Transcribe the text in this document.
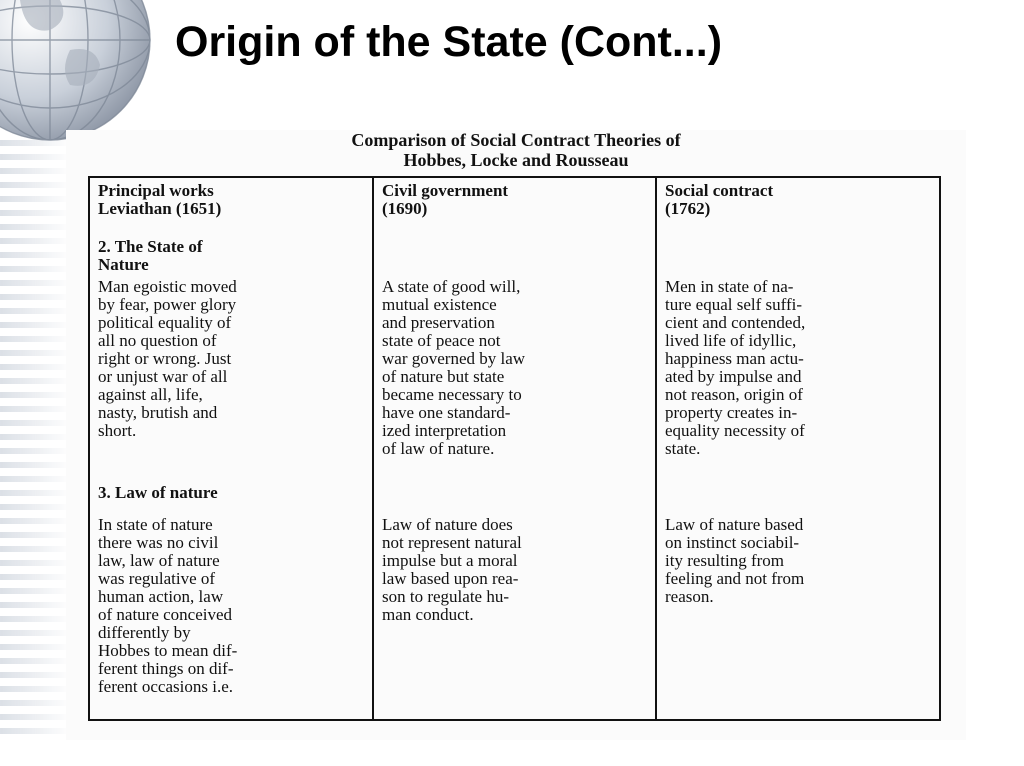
Origin of the State (Cont...)
Comparison of Social Contract Theories of
Hobbes, Locke and Rousseau

Principal works
Leviathan (1651)

2. The State of
Nature

Man egoistic moved
by fear, power glory
political equality of
all no question of
right or wrong. Just
or unjust war of all
against all, life,
nasty, brutish and
short.

3. Law of nature

In state of nature
there was no civil
law, law of nature
was regulative of
human action, law
of nature conceived
differently by
Hobbes to mean dif-
ferent things on dif-
ferent occasions i.e.

Civil government
(1690)

A state of good will,
mutual existence
and preservation
state of peace not
war governed by law
of nature but state
became necessary to
have one standard-
ized interpretation
of law of nature.

Law of nature does
not represent natural
impulse but a moral
law based upon rea-
son to regulate hu-
man conduct.

Social contract
(1762)

Men in state of na-
ture equal self suffi-
cient and contended,
lived life of idyllic,
happiness man actu-
ated by impulse and
not reason, origin of
property creates in-
equality necessity of
state.

Law of nature based
on instinct sociabil-
ity resulting from
feeling and not from
reason.
